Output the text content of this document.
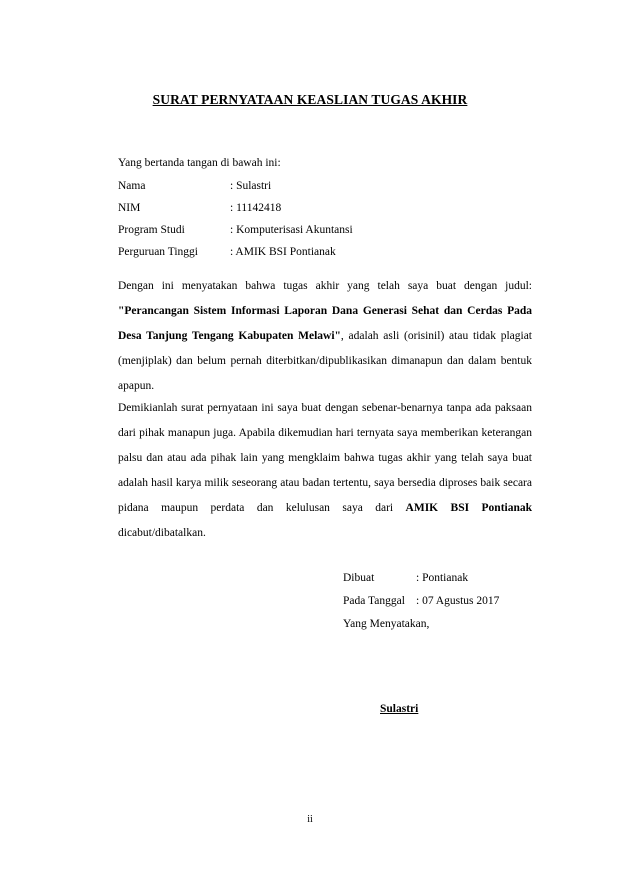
SURAT PERNYATAAN KEASLIAN TUGAS AKHIR
Yang bertanda tangan di bawah ini:
Nama	: Sulastri
NIM	: 11142418
Program Studi	: Komputerisasi Akuntansi
Perguruan Tinggi	: AMIK BSI Pontianak

Dengan ini menyatakan bahwa tugas akhir yang telah saya buat dengan judul: "Perancangan Sistem Informasi Laporan Dana Generasi Sehat dan Cerdas Pada Desa Tanjung Tengang Kabupaten Melawi", adalah asli (orisinil) atau tidak plagiat (menjiplak) dan belum pernah diterbitkan/dipublikasikan dimanapun dan dalam bentuk apapun.

Demikianlah surat pernyataan ini saya buat dengan sebenar-benarnya tanpa ada paksaan dari pihak manapun juga. Apabila dikemudian hari ternyata saya memberikan keterangan palsu dan atau ada pihak lain yang mengklaim bahwa tugas akhir yang telah saya buat adalah hasil karya milik seseorang atau badan tertentu, saya bersedia diproses baik secara pidana maupun perdata dan kelulusan saya dari AMIK BSI Pontianak dicabut/dibatalkan.

Dibuat	: Pontianak
Pada Tanggal : 07 Agustus 2017
Yang Menyatakan,
Sulastri
ii
